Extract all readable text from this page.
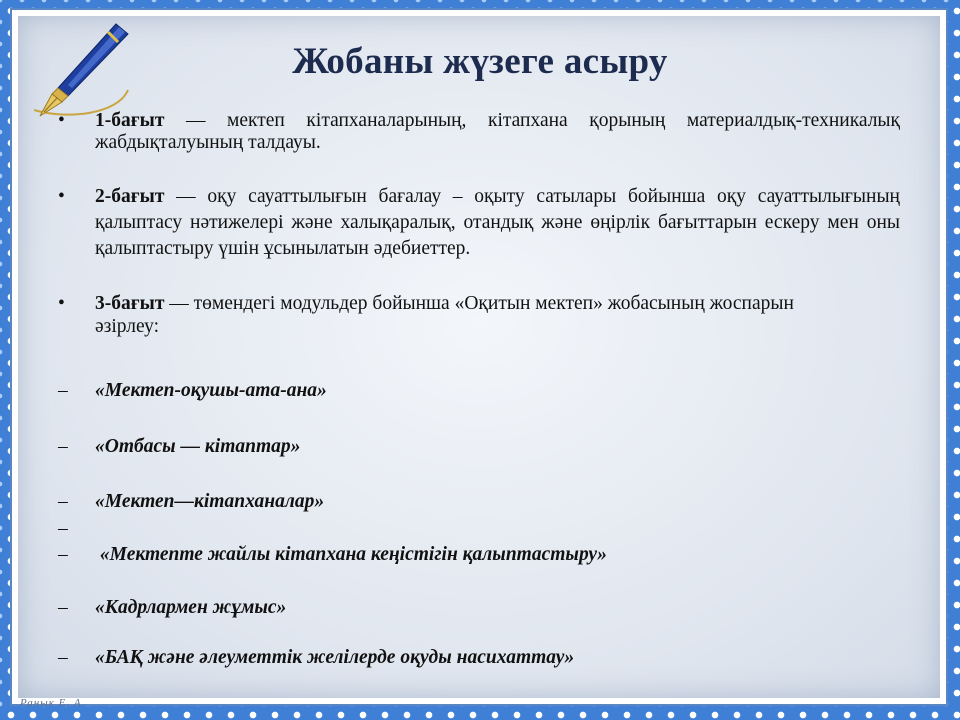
Жобаны жүзеге асыру
• 1-бағыт — мектеп кітапханаларының, кітапхана қорының материалдық-техникалық жабдықталуының талдауы.
• 2-бағыт — оқу сауаттылығын бағалау – оқыту сатылары бойынша оқу сауаттылығының қалыптасу нәтижелері және халықаралық, отандық және өңірлік бағыттарын ескеру мен оны қалыптастыру үшін ұсынылатын әдебиеттер.
• 3-бағыт — төмендегі модульдер бойынша «Оқитын мектеп» жобасының жоспарын әзірлеу:
– «Мектеп-оқушы-ата-ана»
– «Отбасы — кітаптар»
– «Мектеп—кітапханалар»
–
– «Мектепте жайлы кітапхана кеңістігін қалыптастыру»
– «Кадрлармен жұмыс»
– «БАҚ және әлеуметтік желілерде оқуды насихаттау»
Ранык Е. А.
